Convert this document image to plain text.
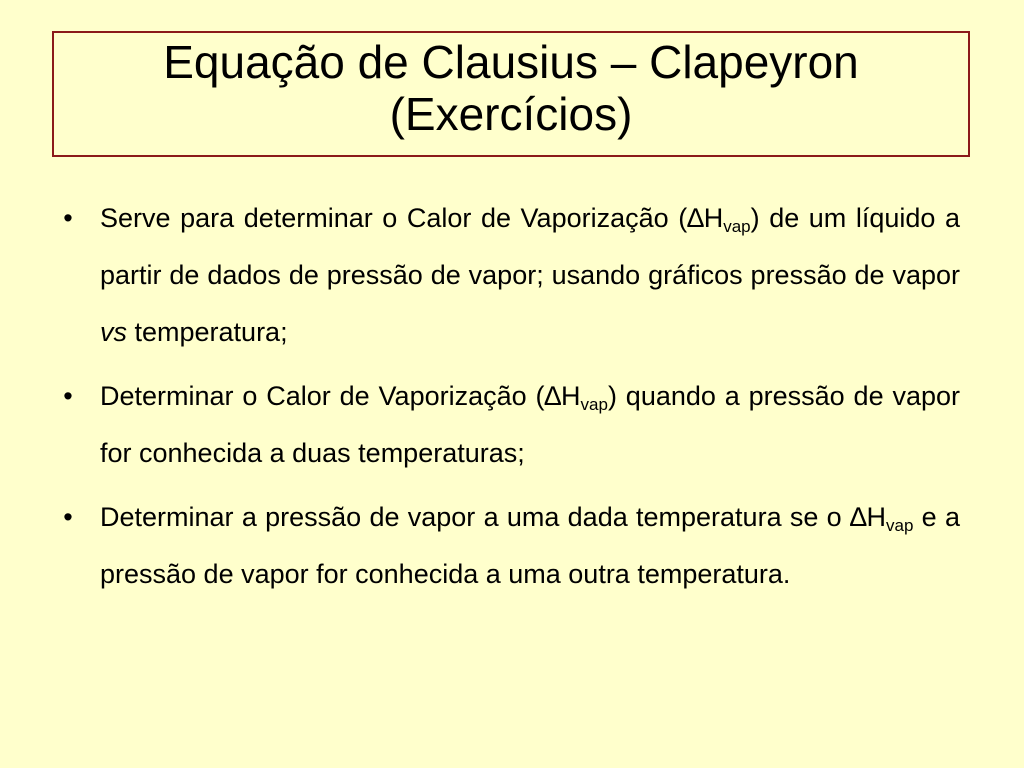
Equação de Clausius – Clapeyron
(Exercícios)
• Serve para determinar o Calor de Vaporização $(\Delta H_{vap})$ de um líquido a partir de dados de pressão de vapor; usando gráficos pressão de vapor vs temperatura;
• Determinar o Calor de Vaporização $(\Delta H_{vap})$ quando a pressão de vapor for conhecida a duas temperaturas;
• Determinar a pressão de vapor a uma dada temperatura se o $\Delta H_{vap}$ e a pressão de vapor for conhecida a uma outra temperatura.
